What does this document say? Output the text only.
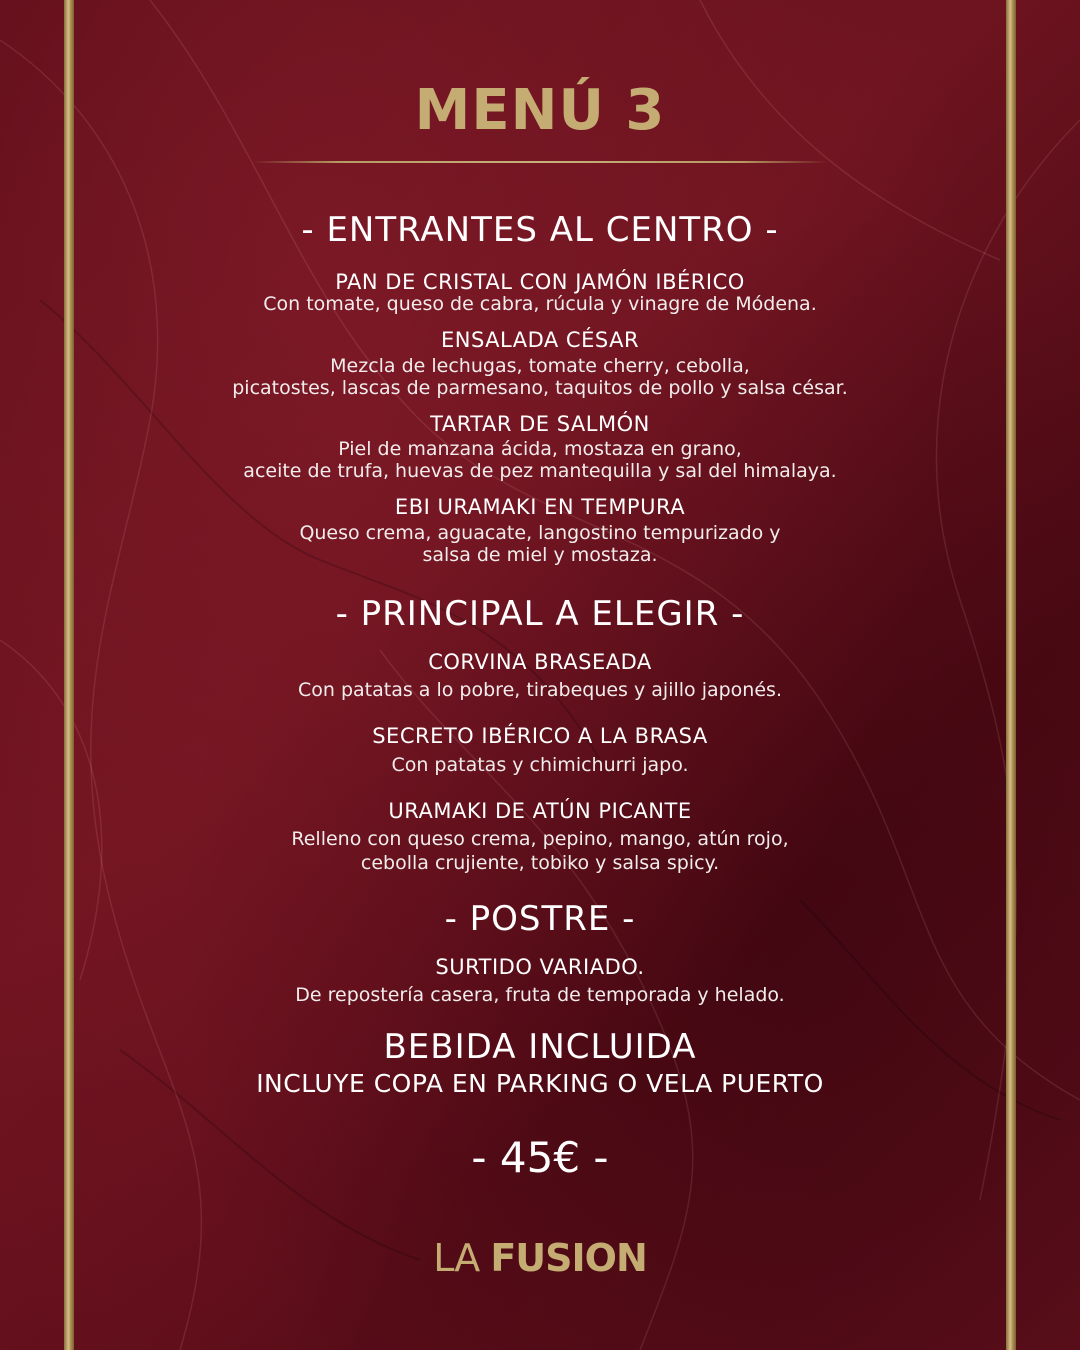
MENÚ 3
- ENTRANTES AL CENTRO -
PAN DE CRISTAL CON JAMÓN IBÉRICO
Con tomate, queso de cabra, rúcula y vinagre de Módena.
ENSALADA CÉSAR
Mezcla de lechugas, tomate cherry, cebolla,
picatostes, lascas de parmesano, taquitos de pollo y salsa césar.
TARTAR DE SALMÓN
Piel de manzana ácida, mostaza en grano,
aceite de trufa, huevas de pez mantequilla y sal del himalaya.
EBI URAMAKI EN TEMPURA
Queso crema, aguacate, langostino tempurizado y
salsa de miel y mostaza.
- PRINCIPAL A ELEGIR -
CORVINA BRASEADA
Con patatas a lo pobre, tirabeques y ajillo japonés.
SECRETO IBÉRICO A LA BRASA
Con patatas y chimichurri japo.
URAMAKI DE ATÚN PICANTE
Relleno con queso crema, pepino, mango, atún rojo,
cebolla crujiente, tobiko y salsa spicy.
- POSTRE -
SURTIDO VARIADO.
De repostería casera, fruta de temporada y helado.
BEBIDA INCLUIDA
INCLUYE COPA EN PARKING O VELA PUERTO
- 45€ -
LA FUSION
